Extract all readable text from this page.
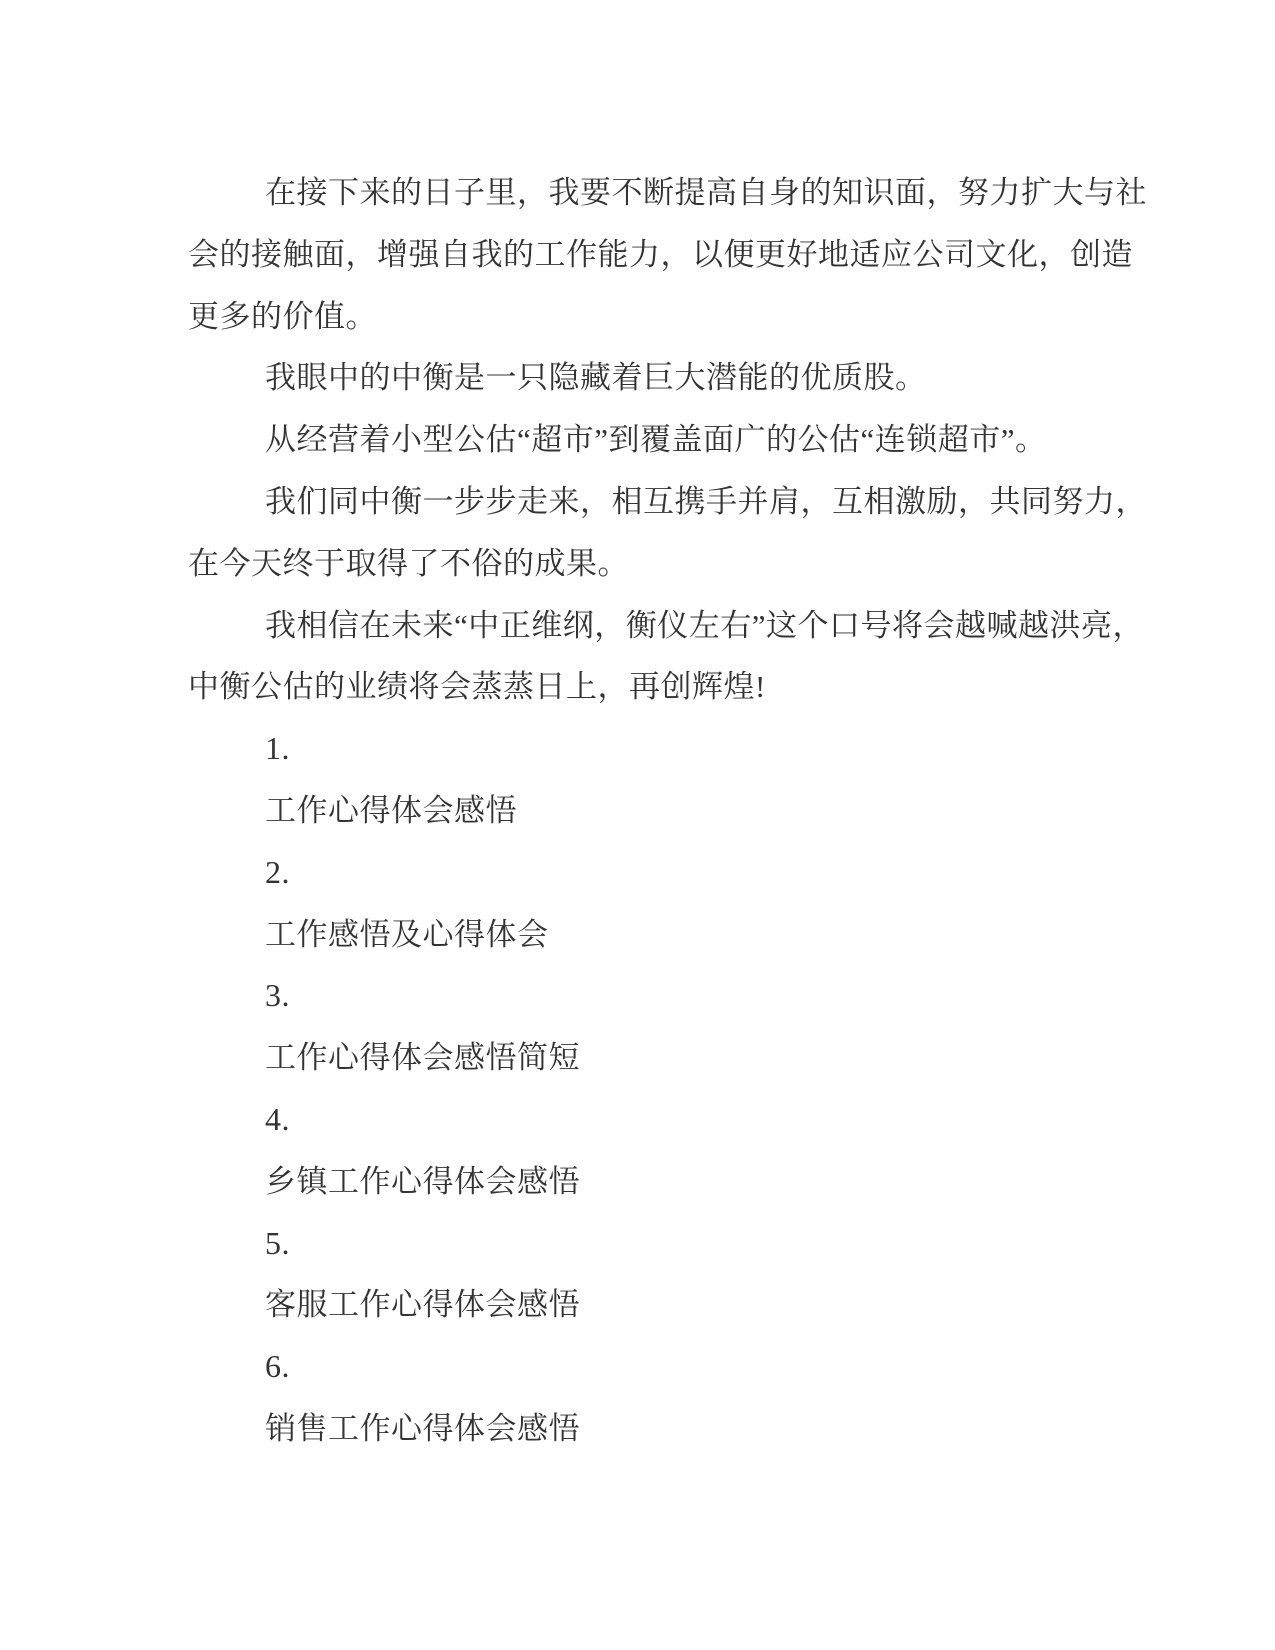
在接下来的日子里，我要不断提高自身的知识面，努力扩大与社
会的接触面，增强自我的工作能力，以便更好地适应公司文化，创造
更多的价值。
我眼中的中衡是一只隐藏着巨大潜能的优质股。
从经营着小型公估“超市”到覆盖面广的公估“连锁超市”。
我们同中衡一步步走来，相互携手并肩，互相激励，共同努力，
在今天终于取得了不俗的成果。
我相信在未来“中正维纲，衡仪左右”这个口号将会越喊越洪亮，
中衡公估的业绩将会蒸蒸日上，再创辉煌!
1.
工作心得体会感悟
2.
工作感悟及心得体会
3.
工作心得体会感悟简短
4.
乡镇工作心得体会感悟
5.
客服工作心得体会感悟
6.
销售工作心得体会感悟
